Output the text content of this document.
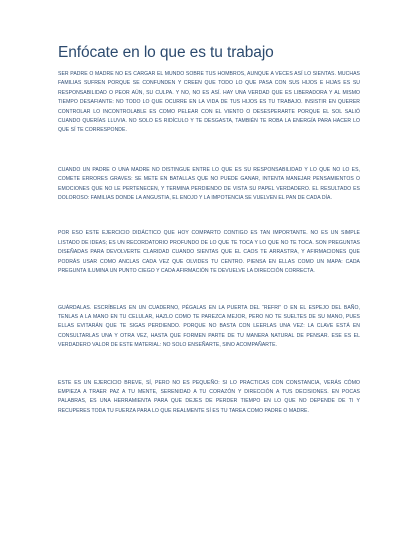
Enfócate en lo que es tu trabajo

SER PADRE O MADRE NO ES CARGAR EL MUNDO SOBRE TUS HOMBROS, AUNQUE A VECES ASÍ LO SIENTAS. MUCHAS FAMILIAS SUFREN PORQUE SE CONFUNDEN Y CREEN QUE TODO LO QUE PASA CON SUS HIJOS E HIJAS ES SU RESPONSABILIDAD O PEOR AÚN, SU CULPA. Y NO, NO ES ASÍ. HAY UNA VERDAD QUE ES LIBERADORA Y AL MISMO TIEMPO DESAFIANTE: NO TODO LO QUE OCURRE EN LA VIDA DE TUS HIJOS ES TU TRABAJO. INSISTIR EN QUERER CONTROLAR LO INCONTROLABLE ES COMO PELEAR CON EL VIENTO O DESESPERARTE PORQUE EL SOL SALIÓ CUANDO QUERÍAS LLUVIA. NO SOLO ES RIDÍCULO Y TE DESGASTA, TAMBIÉN TE ROBA LA ENERGÍA PARA HACER LO QUE SÍ TE CORRESPONDE.

CUANDO UN PADRE O UNA MADRE NO DISTINGUE ENTRE LO QUE ES SU RESPONSABILIDAD Y LO QUE NO LO ES, COMETE ERRORES GRAVES: SE METE EN BATALLAS QUE NO PUEDE GANAR, INTENTA MANEJAR PENSAMIENTOS O EMOCIONES QUE NO LE PERTENECEN, Y TERMINA PERDIENDO DE VISTA SU PAPEL VERDADERO. EL RESULTADO ES DOLOROSO: FAMILIAS DONDE LA ANGUSTIA, EL ENOJO Y LA IMPOTENCIA SE VUELVEN EL PAN DE CADA DÍA.

POR ESO ESTE EJERCICIO DIDÁCTICO QUE HOY COMPARTO CONTIGO ES TAN IMPORTANTE. NO ES UN SIMPLE LISTADO DE IDEAS; ES UN RECORDATORIO PROFUNDO DE LO QUE TE TOCA Y LO QUE NO TE TOCA. SON PREGUNTAS DISEÑADAS PARA DEVOLVERTE CLARIDAD CUANDO SIENTAS QUE EL CAOS TE ARRASTRA, Y AFIRMACIONES QUE PODRÁS USAR COMO ANCLAS CADA VEZ QUE OLVIDES TU CENTRO. PIENSA EN ELLAS COMO UN MAPA: CADA PREGUNTA ILUMINA UN PUNTO CIEGO Y CADA AFIRMACIÓN TE DEVUELVE LA DIRECCIÓN CORRECTA.

GUÁRDALAS. ESCRÍBELAS EN UN CUADERNO, PÉGALAS EN LA PUERTA DEL “REFRI” O EN EL ESPEJO DEL BAÑO, TENLAS A LA MANO EN TU CELULAR, HAZLO COMO TE PAREZCA MEJOR, PERO NO TE SUELTES DE SU MANO, PUES ELLAS EVITARÁN QUE TE SIGAS PERDIENDO. PORQUE NO BASTA CON LEERLAS UNA VEZ: LA CLAVE ESTÁ EN CONSULTARLAS UNA Y OTRA VEZ, HASTA QUE FORMEN PARTE DE TU MANERA NATURAL DE PENSAR. ESE ES EL VERDADERO VALOR DE ESTE MATERIAL: NO SOLO ENSEÑARTE, SINO ACOMPAÑARTE.

ESTE ES UN EJERCICIO BREVE, SÍ, PERO NO ES PEQUEÑO: SI LO PRACTICAS CON CONSTANCIA, VERÁS CÓMO EMPIEZA A TRAER PAZ A TU MENTE, SERENIDAD A TU CORAZÓN Y DIRECCIÓN A TUS DECISIONES. EN POCAS PALABRAS, ES UNA HERRAMIENTA PARA QUE DEJES DE PERDER TIEMPO EN LO QUE NO DEPENDE DE TI Y RECUPERES TODA TU FUERZA PARA LO QUE REALMENTE SÍ ES TU TAREA COMO PADRE O MADRE.
